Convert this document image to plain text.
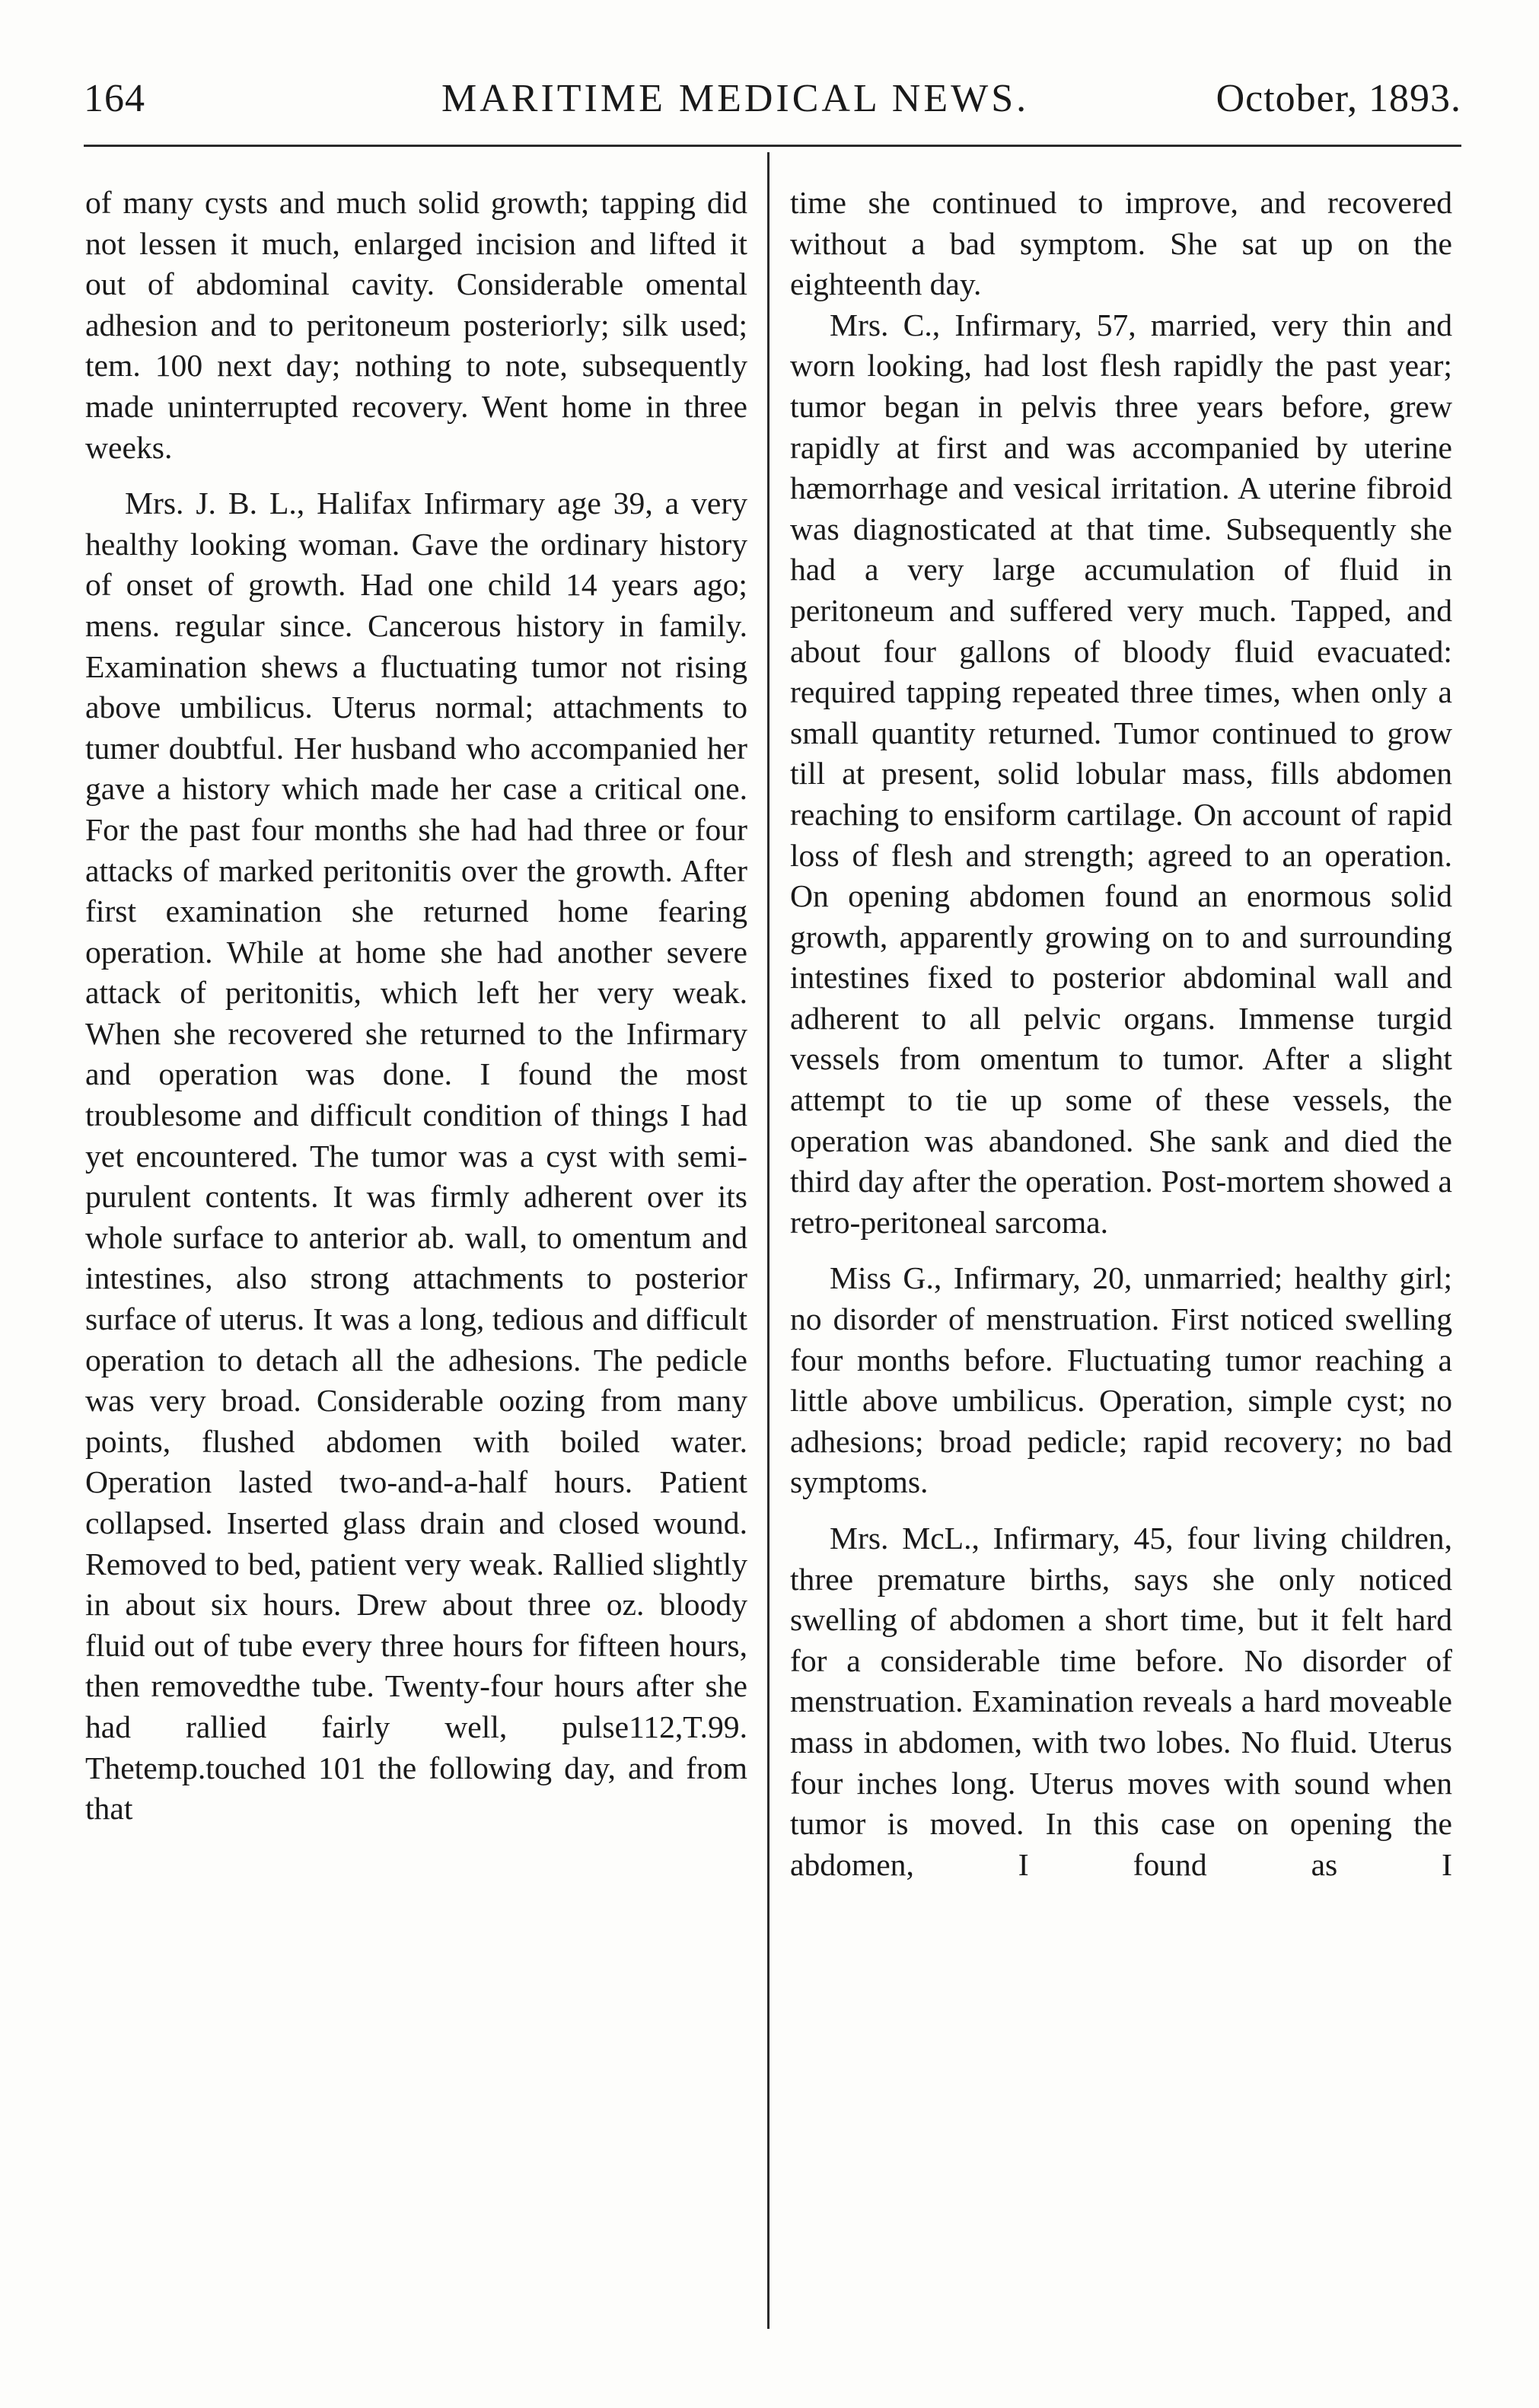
164	MARITIME MEDICAL NEWS.	October, 1893.

of many cysts and much solid growth; tapping did not lessen it much, enlarged incision and lifted it out of abdominal cavity. Considerable omental adhesion and to peritoneum posteriorly; silk used; tem. 100 next day; nothing to note, subsequently made uninterrupted recovery. Went home in three weeks.

Mrs. J. B. L., Halifax Infirmary age 39, a very healthy looking woman. Gave the ordinary history of onset of growth. Had one child 14 years ago; mens. regular since. Cancerous history in family. Examination shews a fluctuating tumor not rising above umbilicus. Uterus normal; attachments to tumer doubtful. Her husband who accompanied her gave a history which made her case a critical one. For the past four months she had had three or four attacks of marked peritonitis over the growth. After first examination she returned home fearing operation. While at home she had another severe attack of peritonitis, which left her very weak. When she recovered she returned to the Infirmary and operation was done. I found the most troublesome and difficult condition of things I had yet encountered. The tumor was a cyst with semi-purulent contents. It was firmly adherent over its whole surface to anterior ab. wall, to omentum and intestines, also strong attachments to posterior surface of uterus. It was a long, tedious and difficult operation to detach all the adhesions. The pedicle was very broad. Considerable oozing from many points, flushed abdomen with boiled water. Operation lasted two-and-a-half hours. Patient collapsed. Inserted glass drain and closed wound. Removed to bed, patient very weak. Rallied slightly in about six hours. Drew about three oz. bloody fluid out of tube every three hours for fifteen hours, then removedthe tube. Twenty-four hours after she had rallied fairly well, pulse112,T.99. Thetemp.touched 101 the following day, and from that

time she continued to improve, and recovered without a bad symptom. She sat up on the eighteenth day.

Mrs. C., Infirmary, 57, married, very thin and worn looking, had lost flesh rapidly the past year; tumor began in pelvis three years before, grew rapidly at first and was accompanied by uterine hæmorrhage and vesical irritation. A uterine fibroid was diagnosticated at that time. Subsequently she had a very large accumulation of fluid in peritoneum and suffered very much. Tapped, and about four gallons of bloody fluid evacuated: required tapping repeated three times, when only a small quantity returned. Tumor continued to grow till at present, solid lobular mass, fills abdomen reaching to ensiform cartilage. On account of rapid loss of flesh and strength; agreed to an operation. On opening abdomen found an enormous solid growth, apparently growing on to and surrounding intestines fixed to posterior abdominal wall and adherent to all pelvic organs. Immense turgid vessels from omentum to tumor. After a slight attempt to tie up some of these vessels, the operation was abandoned. She sank and died the third day after the operation. Post-mortem showed a retro-peritoneal sarcoma.

Miss G., Infirmary, 20, unmarried; healthy girl; no disorder of menstruation. First noticed swelling four months before. Fluctuating tumor reaching a little above umbilicus. Operation, simple cyst; no adhesions; broad pedicle; rapid recovery; no bad symptoms.

Mrs. McL., Infirmary, 45, four living children, three premature births, says she only noticed swelling of abdomen a short time, but it felt hard for a considerable time before. No disorder of menstruation. Examination reveals a hard moveable mass in abdomen, with two lobes. No fluid. Uterus four inches long. Uterus moves with sound when tumor is moved. In this case on opening the abdomen, I found as I
